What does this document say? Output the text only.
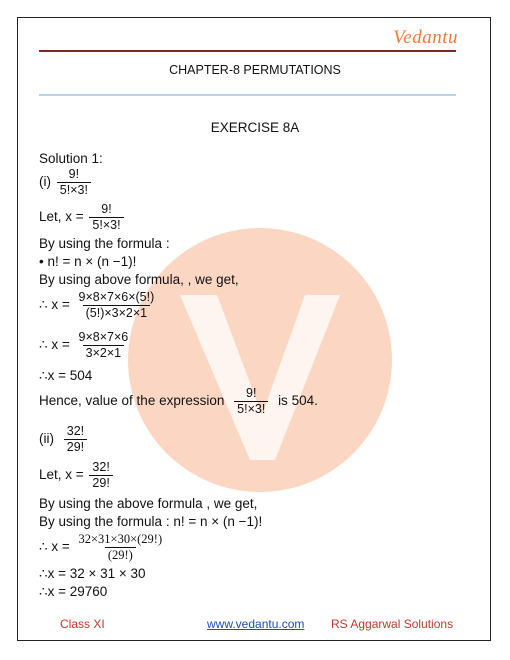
Vedantu
CHAPTER-8 PERMUTATIONS
EXERCISE 8A
Solution 1:
$(i) \frac{9!}{5!\times 3!}$
Let, $x = \frac{9!}{5!\times 3!}$
By using the formula :
• n! = n × (n −1)!
By using above formula, , we get,
∴ $x = \frac{9\times 8\times 7\times 6\times(5!)}{(5!)\times 3\times 2\times 1}$
∴ $x = \frac{9\times 8\times 7\times 6}{3\times 2\times 1}$
∴x = 504
Hence, value of the expression $\frac{9!}{5!\times 3!}$ is 504.
$(ii) \frac{32!}{29!}$
Let, $x = \frac{32!}{29!}$
By using the above formula , we get,
By using the formula : n! = n × (n −1)!
∴ $x = \frac{32\times 31\times 30\times(29!)}{(29!)}$
∴x = 32 × 31 × 30
∴x = 29760
Class XI	www.vedantu.com RS Aggarwal Solutions
